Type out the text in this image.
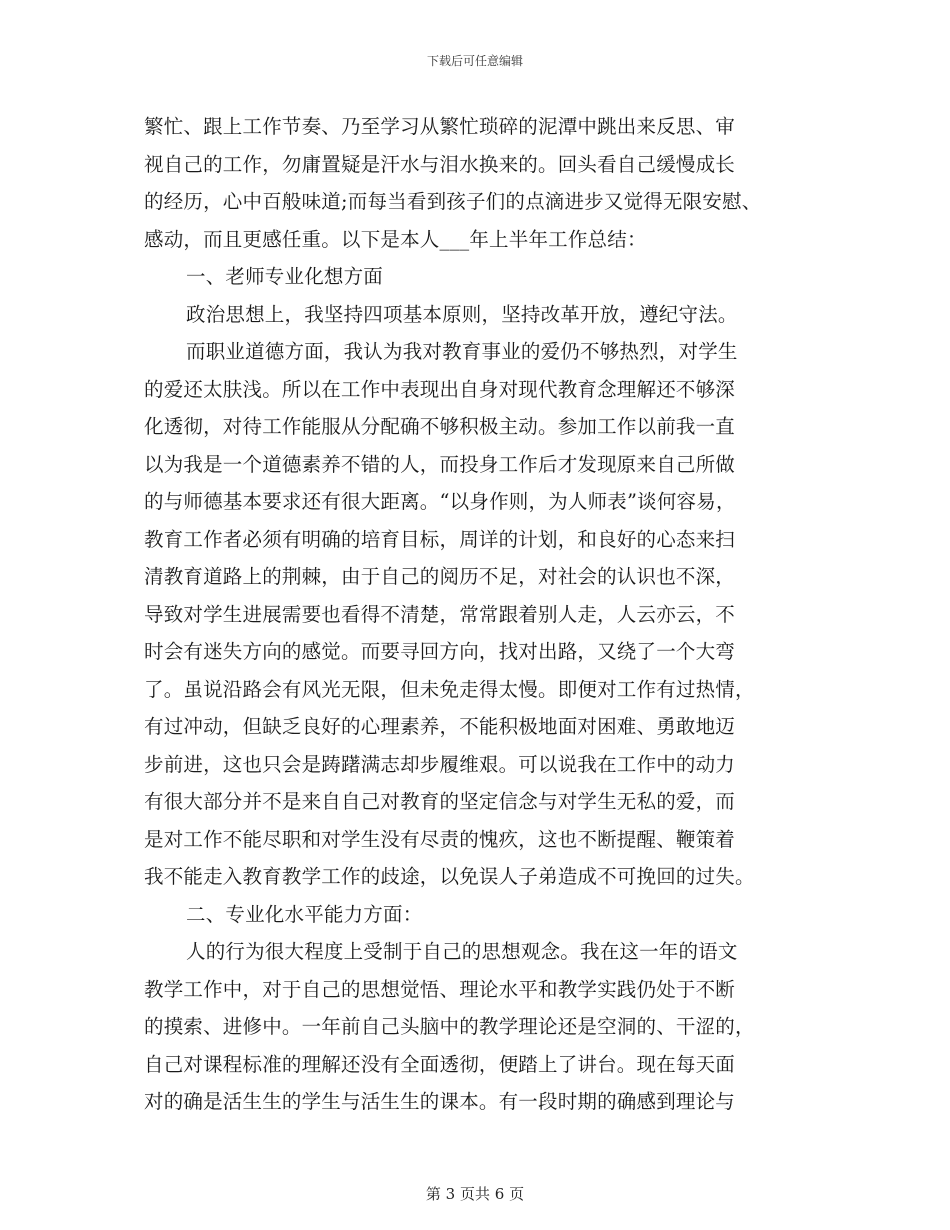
下载后可任意编辑
繁忙、跟上工作节奏、乃至学习从繁忙琐碎的泥潭中跳出来反思、审
视自己的工作，勿庸置疑是汗水与泪水换来的。回头看自己缓慢成长
的经历，心中百般味道;而每当看到孩子们的点滴进步又觉得无限安慰、
感动，而且更感任重。以下是本人___年上半年工作总结：
一、老师专业化想方面
政治思想上，我坚持四项基本原则，坚持改革开放，遵纪守法。
而职业道德方面，我认为我对教育事业的爱仍不够热烈，对学生
的爱还太肤浅。所以在工作中表现出自身对现代教育念理解还不够深
化透彻，对待工作能服从分配确不够积极主动。参加工作以前我一直
以为我是一个道德素养不错的人，而投身工作后才发现原来自己所做
的与师德基本要求还有很大距离。“以身作则，为人师表”谈何容易，
教育工作者必须有明确的培育目标，周详的计划，和良好的心态来扫
清教育道路上的荆棘，由于自己的阅历不足，对社会的认识也不深，
导致对学生进展需要也看得不清楚，常常跟着别人走，人云亦云，不
时会有迷失方向的感觉。而要寻回方向，找对出路，又绕了一个大弯
了。虽说沿路会有风光无限，但未免走得太慢。即便对工作有过热情，
有过冲动，但缺乏良好的心理素养，不能积极地面对困难、勇敢地迈
步前进，这也只会是踌躇满志却步履维艰。可以说我在工作中的动力
有很大部分并不是来自自己对教育的坚定信念与对学生无私的爱，而
是对工作不能尽职和对学生没有尽责的愧疚，这也不断提醒、鞭策着
我不能走入教育教学工作的歧途，以免误人子弟造成不可挽回的过失。
二、专业化水平能力方面：
人的行为很大程度上受制于自己的思想观念。我在这一年的语文
教学工作中，对于自己的思想觉悟、理论水平和教学实践仍处于不断
的摸索、进修中。一年前自己头脑中的教学理论还是空洞的、干涩的，
自己对课程标准的理解还没有全面透彻，便踏上了讲台。现在每天面
对的确是活生生的学生与活生生的课本。有一段时期的确感到理论与
第 3 页共 6 页
